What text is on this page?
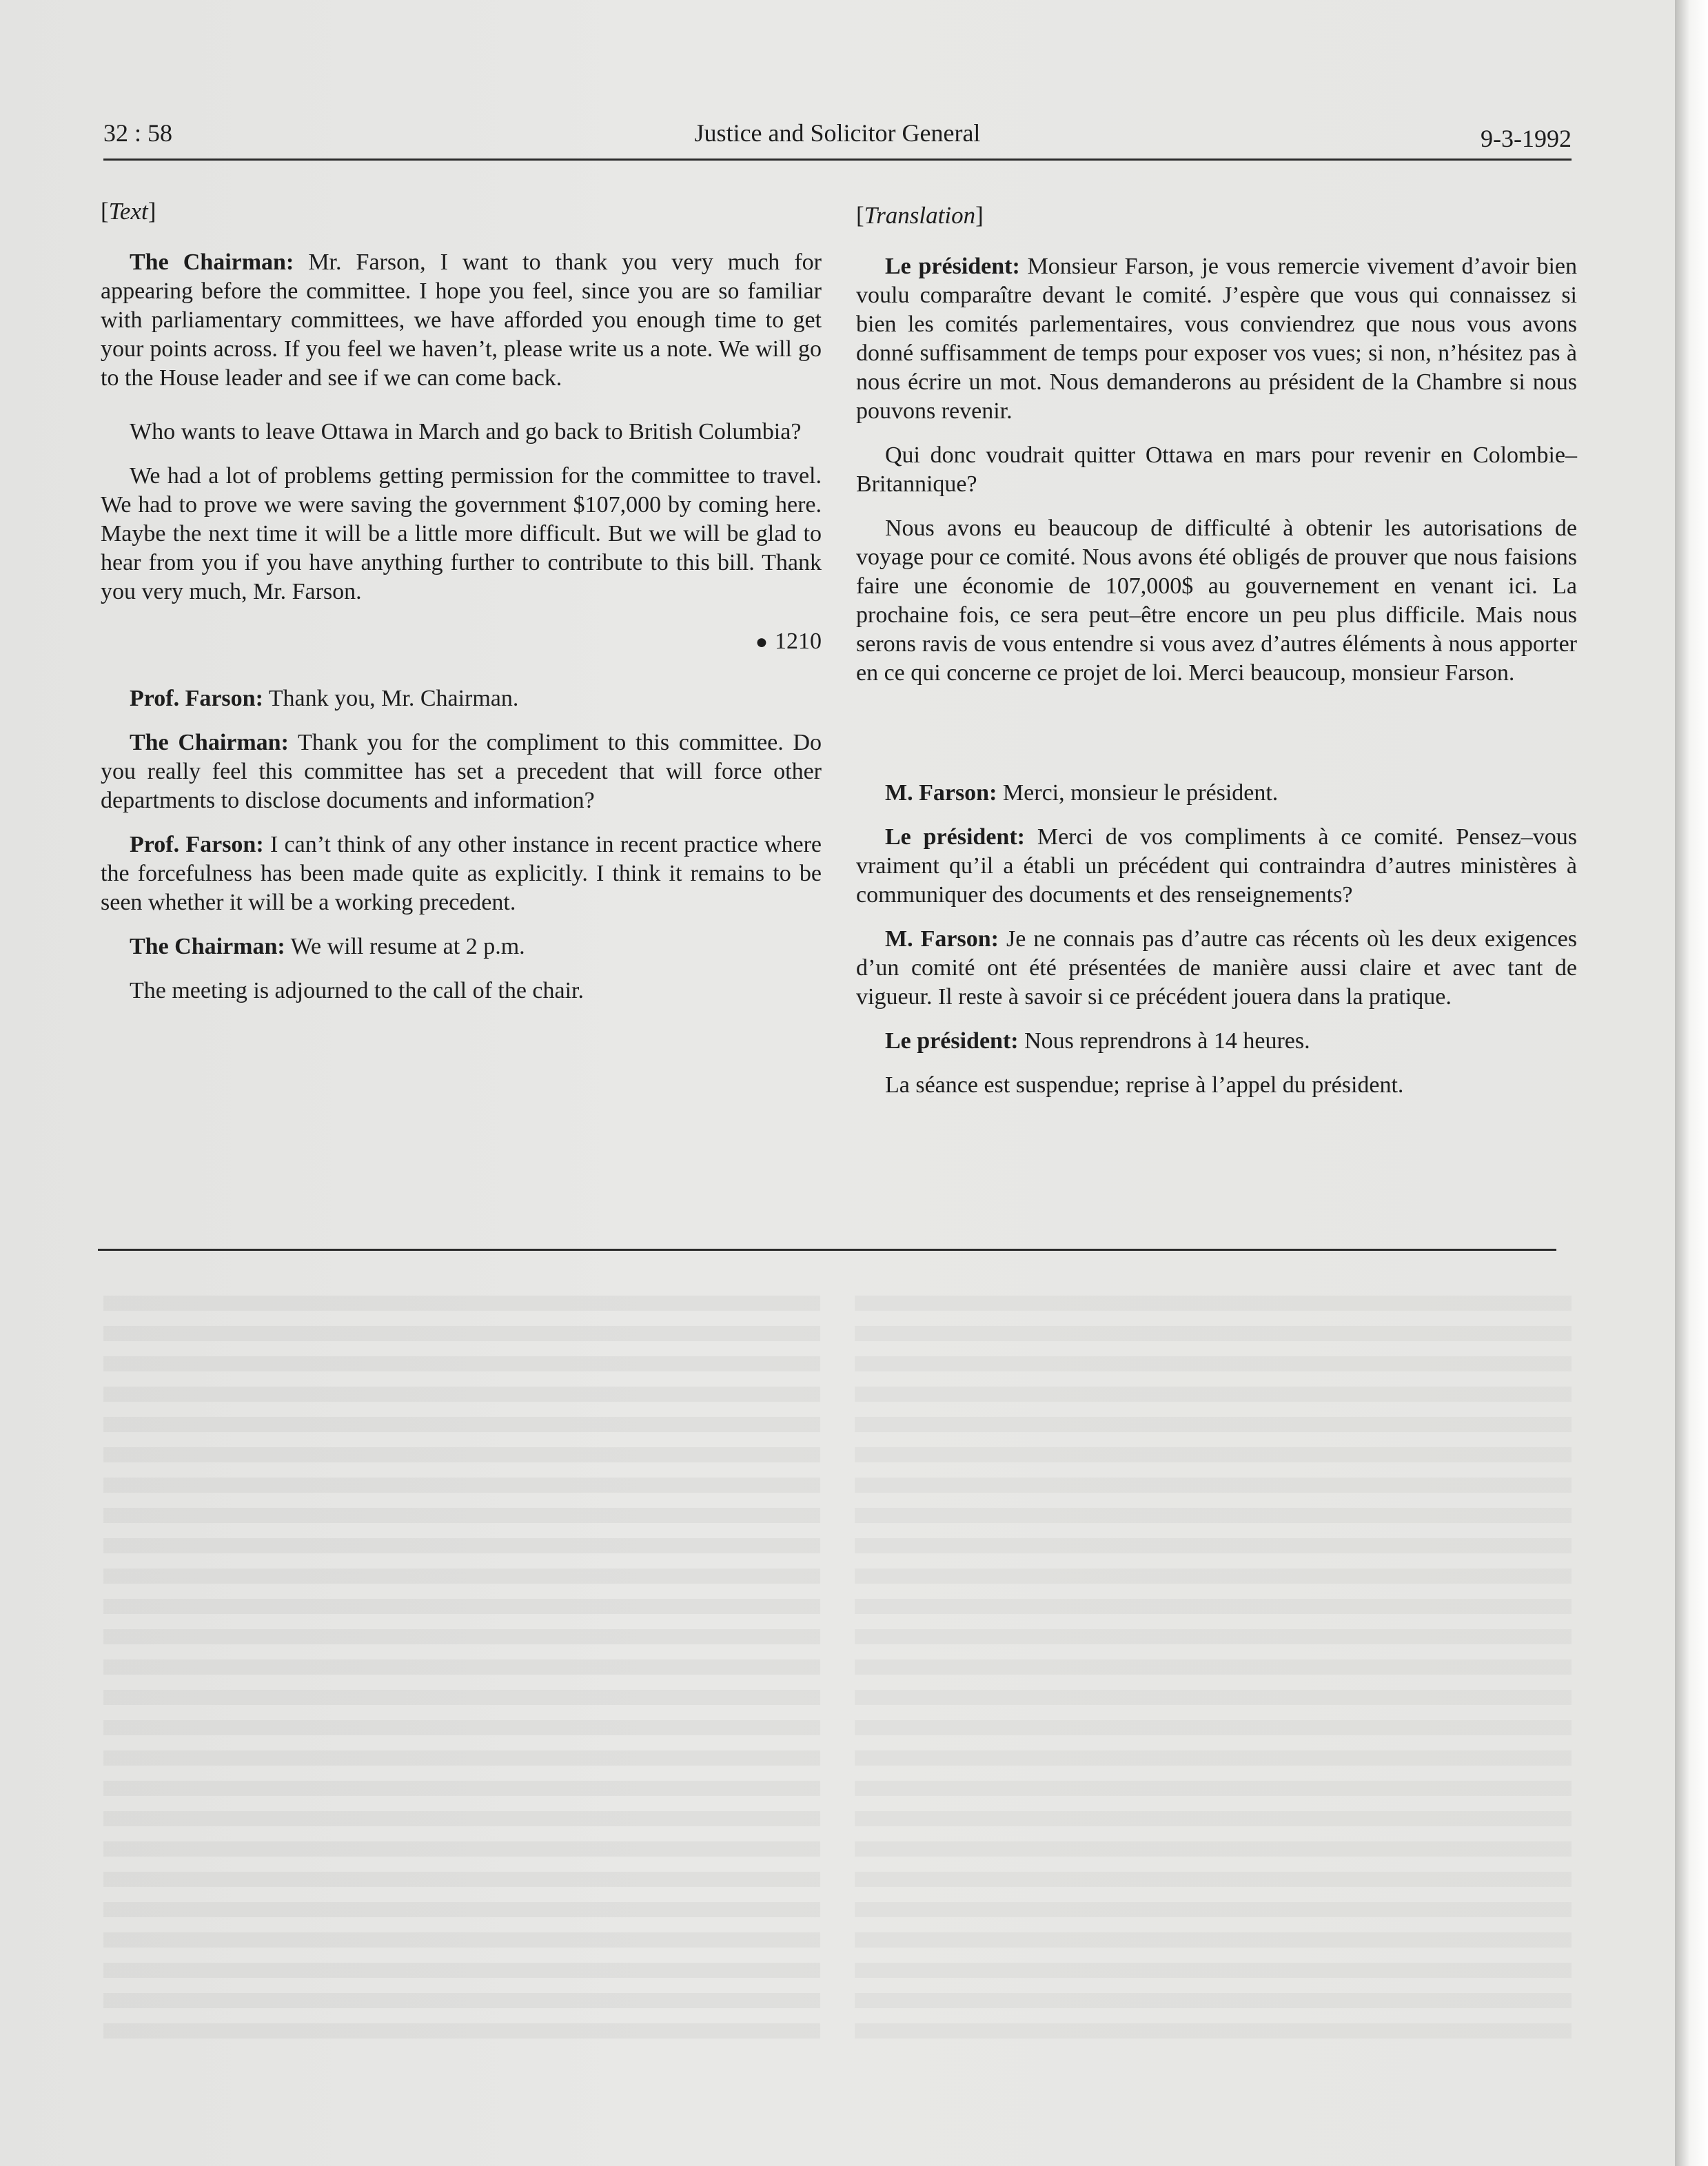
32 : 58	Justice and Solicitor General	9-3-1992

[Text]

The Chairman: Mr. Farson, I want to thank you very much for appearing before the committee. I hope you feel, since you are so familiar with parliamentary committees, we have afforded you enough time to get your points across. If you feel we haven’t, please write us a note. We will go to the House leader and see if we can come back.

Who wants to leave Ottawa in March and go back to British Columbia?

We had a lot of problems getting permission for the committee to travel. We had to prove we were saving the government $107,000 by coming here. Maybe the next time it will be a little more difficult. But we will be glad to hear from you if you have anything further to contribute to this bill. Thank you very much, Mr. Farson.

● 1210

Prof. Farson: Thank you, Mr. Chairman.

The Chairman: Thank you for the compliment to this committee. Do you really feel this committee has set a precedent that will force other departments to disclose documents and information?

Prof. Farson: I can’t think of any other instance in recent practice where the forcefulness has been made quite as explicitly. I think it remains to be seen whether it will be a working precedent.

The Chairman: We will resume at 2 p.m.

The meeting is adjourned to the call of the chair.

[Translation]

Le président: Monsieur Farson, je vous remercie vivement d’avoir bien voulu comparaître devant le comité. J’espère que vous qui connaissez si bien les comités parlementaires, vous conviendrez que nous vous avons donné suffisamment de temps pour exposer vos vues; si non, n’hésitez pas à nous écrire un mot. Nous demanderons au président de la Chambre si nous pouvons revenir.

Qui donc voudrait quitter Ottawa en mars pour revenir en Colombie–Britannique?

Nous avons eu beaucoup de difficulté à obtenir les autorisations de voyage pour ce comité. Nous avons été obligés de prouver que nous faisions faire une économie de 107,000$ au gouvernement en venant ici. La prochaine fois, ce sera peut–être encore un peu plus difficile. Mais nous serons ravis de vous entendre si vous avez d’autres éléments à nous apporter en ce qui concerne ce projet de loi. Merci beaucoup, monsieur Farson.

M. Farson: Merci, monsieur le président.

Le président: Merci de vos compliments à ce comité. Pensez–vous vraiment qu’il a établi un précédent qui contraindra d’autres ministères à communiquer des documents et des renseignements?

M. Farson: Je ne connais pas d’autre cas récents où les deux exigences d’un comité ont été présentées de manière aussi claire et avec tant de vigueur. Il reste à savoir si ce précédent jouera dans la pratique.

Le président: Nous reprendrons à 14 heures.

La séance est suspendue; reprise à l’appel du président.
